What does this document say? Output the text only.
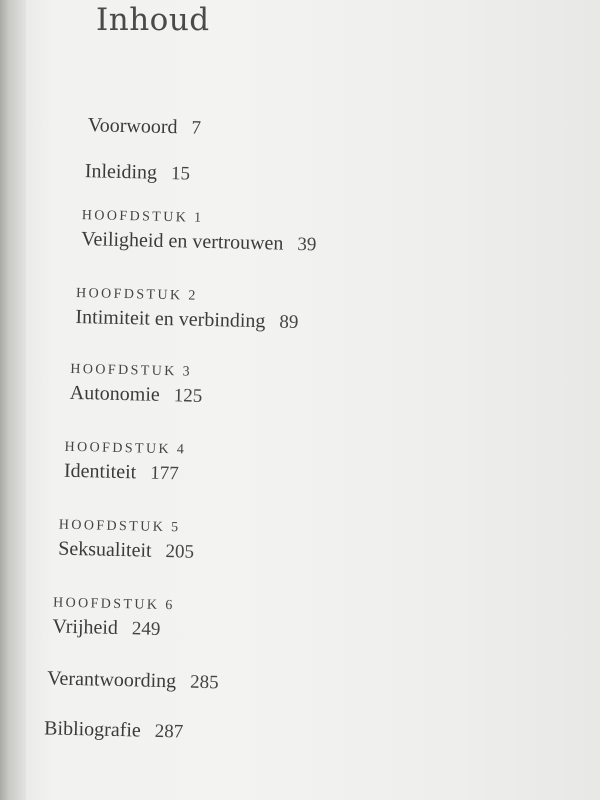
Inhoud
Voorwoord 7
Inleiding 15
HOOFDSTUK 1
Veiligheid en vertrouwen 39
HOOFDSTUK 2
Intimiteit en verbinding 89
HOOFDSTUK 3
Autonomie 125
HOOFDSTUK 4
Identiteit 177
HOOFDSTUK 5
Seksualiteit 205
HOOFDSTUK 6
Vrijheid 249
Verantwoording 285
Bibliografie 287
